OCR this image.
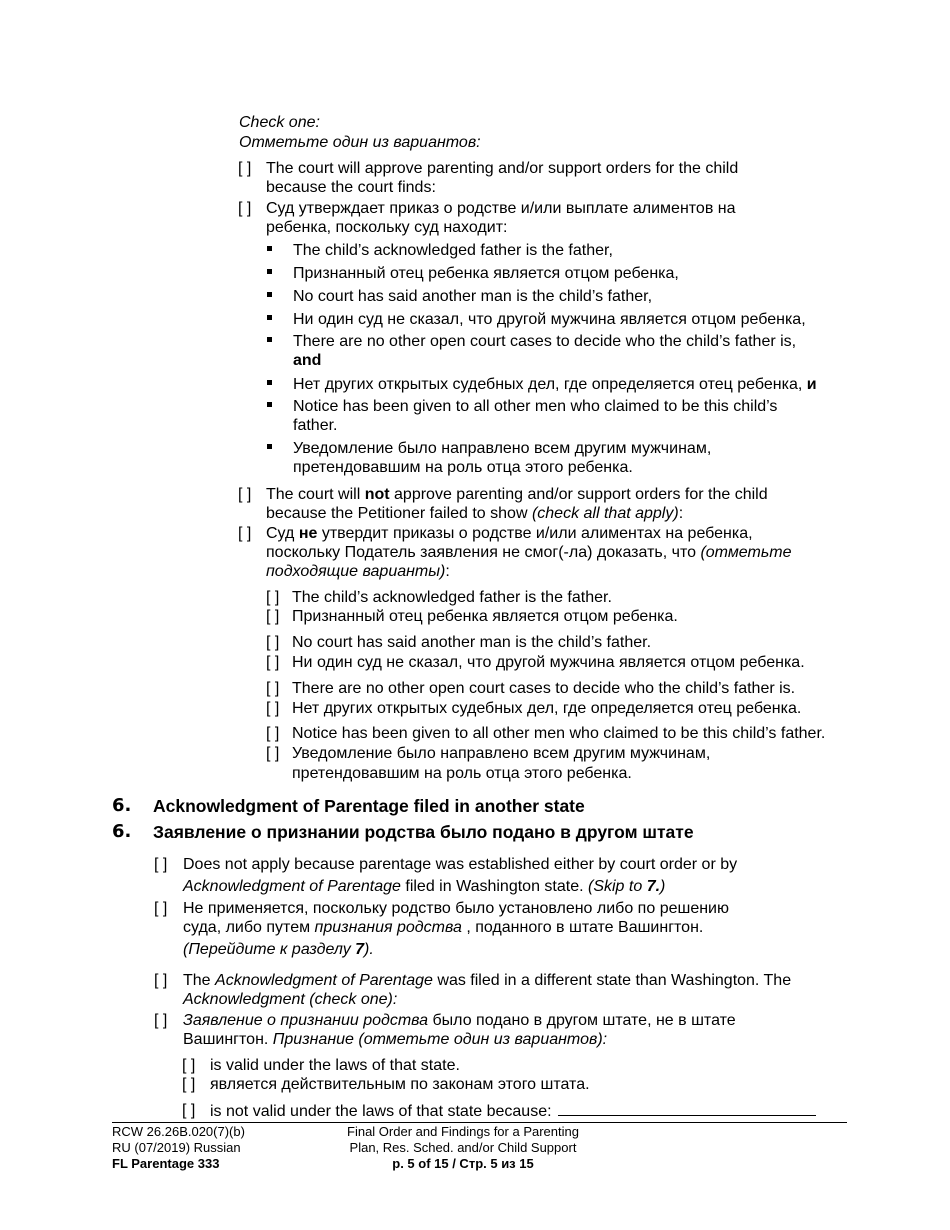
Check one:
Отметьте один из вариантов:
[ ] The court will approve parenting and/or support orders for the child
because the court finds:
[ ] Суд утверждает приказ о родстве и/или выплате алиментов на
ребенка, поскольку суд находит:
The child’s acknowledged father is the father,
Признанный отец ребенка является отцом ребенка,
No court has said another man is the child’s father,
Ни один суд не сказал, что другой мужчина является отцом ребенка,
There are no other open court cases to decide who the child’s father is,
and
Нет других открытых судебных дел, где определяется отец ребенка, и
Notice has been given to all other men who claimed to be this child’s
father.
Уведомление было направлено всем другим мужчинам,
претендовавшим на роль отца этого ребенка.
[ ] The court will not approve parenting and/or support orders for the child
because the Petitioner failed to show (check all that apply):
[ ] Суд не утвердит приказы о родстве и/или алиментах на ребенка,
поскольку Податель заявления не смог(-ла) доказать, что (отметьте
подходящие варианты):
[ ] The child’s acknowledged father is the father.
[ ] Признанный отец ребенка является отцом ребенка.
[ ] No court has said another man is the child’s father.
[ ] Ни один суд не сказал, что другой мужчина является отцом ребенка.
[ ] There are no other open court cases to decide who the child’s father is.
[ ] Нет других открытых судебных дел, где определяется отец ребенка.
[ ] Notice has been given to all other men who claimed to be this child’s father.
[ ] Уведомление было направлено всем другим мужчинам,
претендовавшим на роль отца этого ребенка.
6. Acknowledgment of Parentage filed in another state
6. Заявление о признании родства было подано в другом штате
[ ] Does not apply because parentage was established either by court order or by
Acknowledgment of Parentage filed in Washington state. (Skip to 7.)
[ ] Не применяется, поскольку родство было установлено либо по решению
суда, либо путем признания родства , поданного в штате Вашингтон.
(Перейдите к разделу 7).
[ ] The Acknowledgment of Parentage was filed in a different state than Washington. The
Acknowledgment (check one):
[ ] Заявление о признании родства было подано в другом штате, не в штате
Вашингтон. Признание (отметьте один из вариантов):
[ ] is valid under the laws of that state.
[ ] является действительным по законам этого штата.
[ ] is not valid under the laws of that state because:
RCW 26.26B.020(7)(b)
RU (07/2019) Russian
FL Parentage 333
Final Order and Findings for a Parenting
Plan, Res. Sched. and/or Child Support
p. 5 of 15 / Стр. 5 из 15
